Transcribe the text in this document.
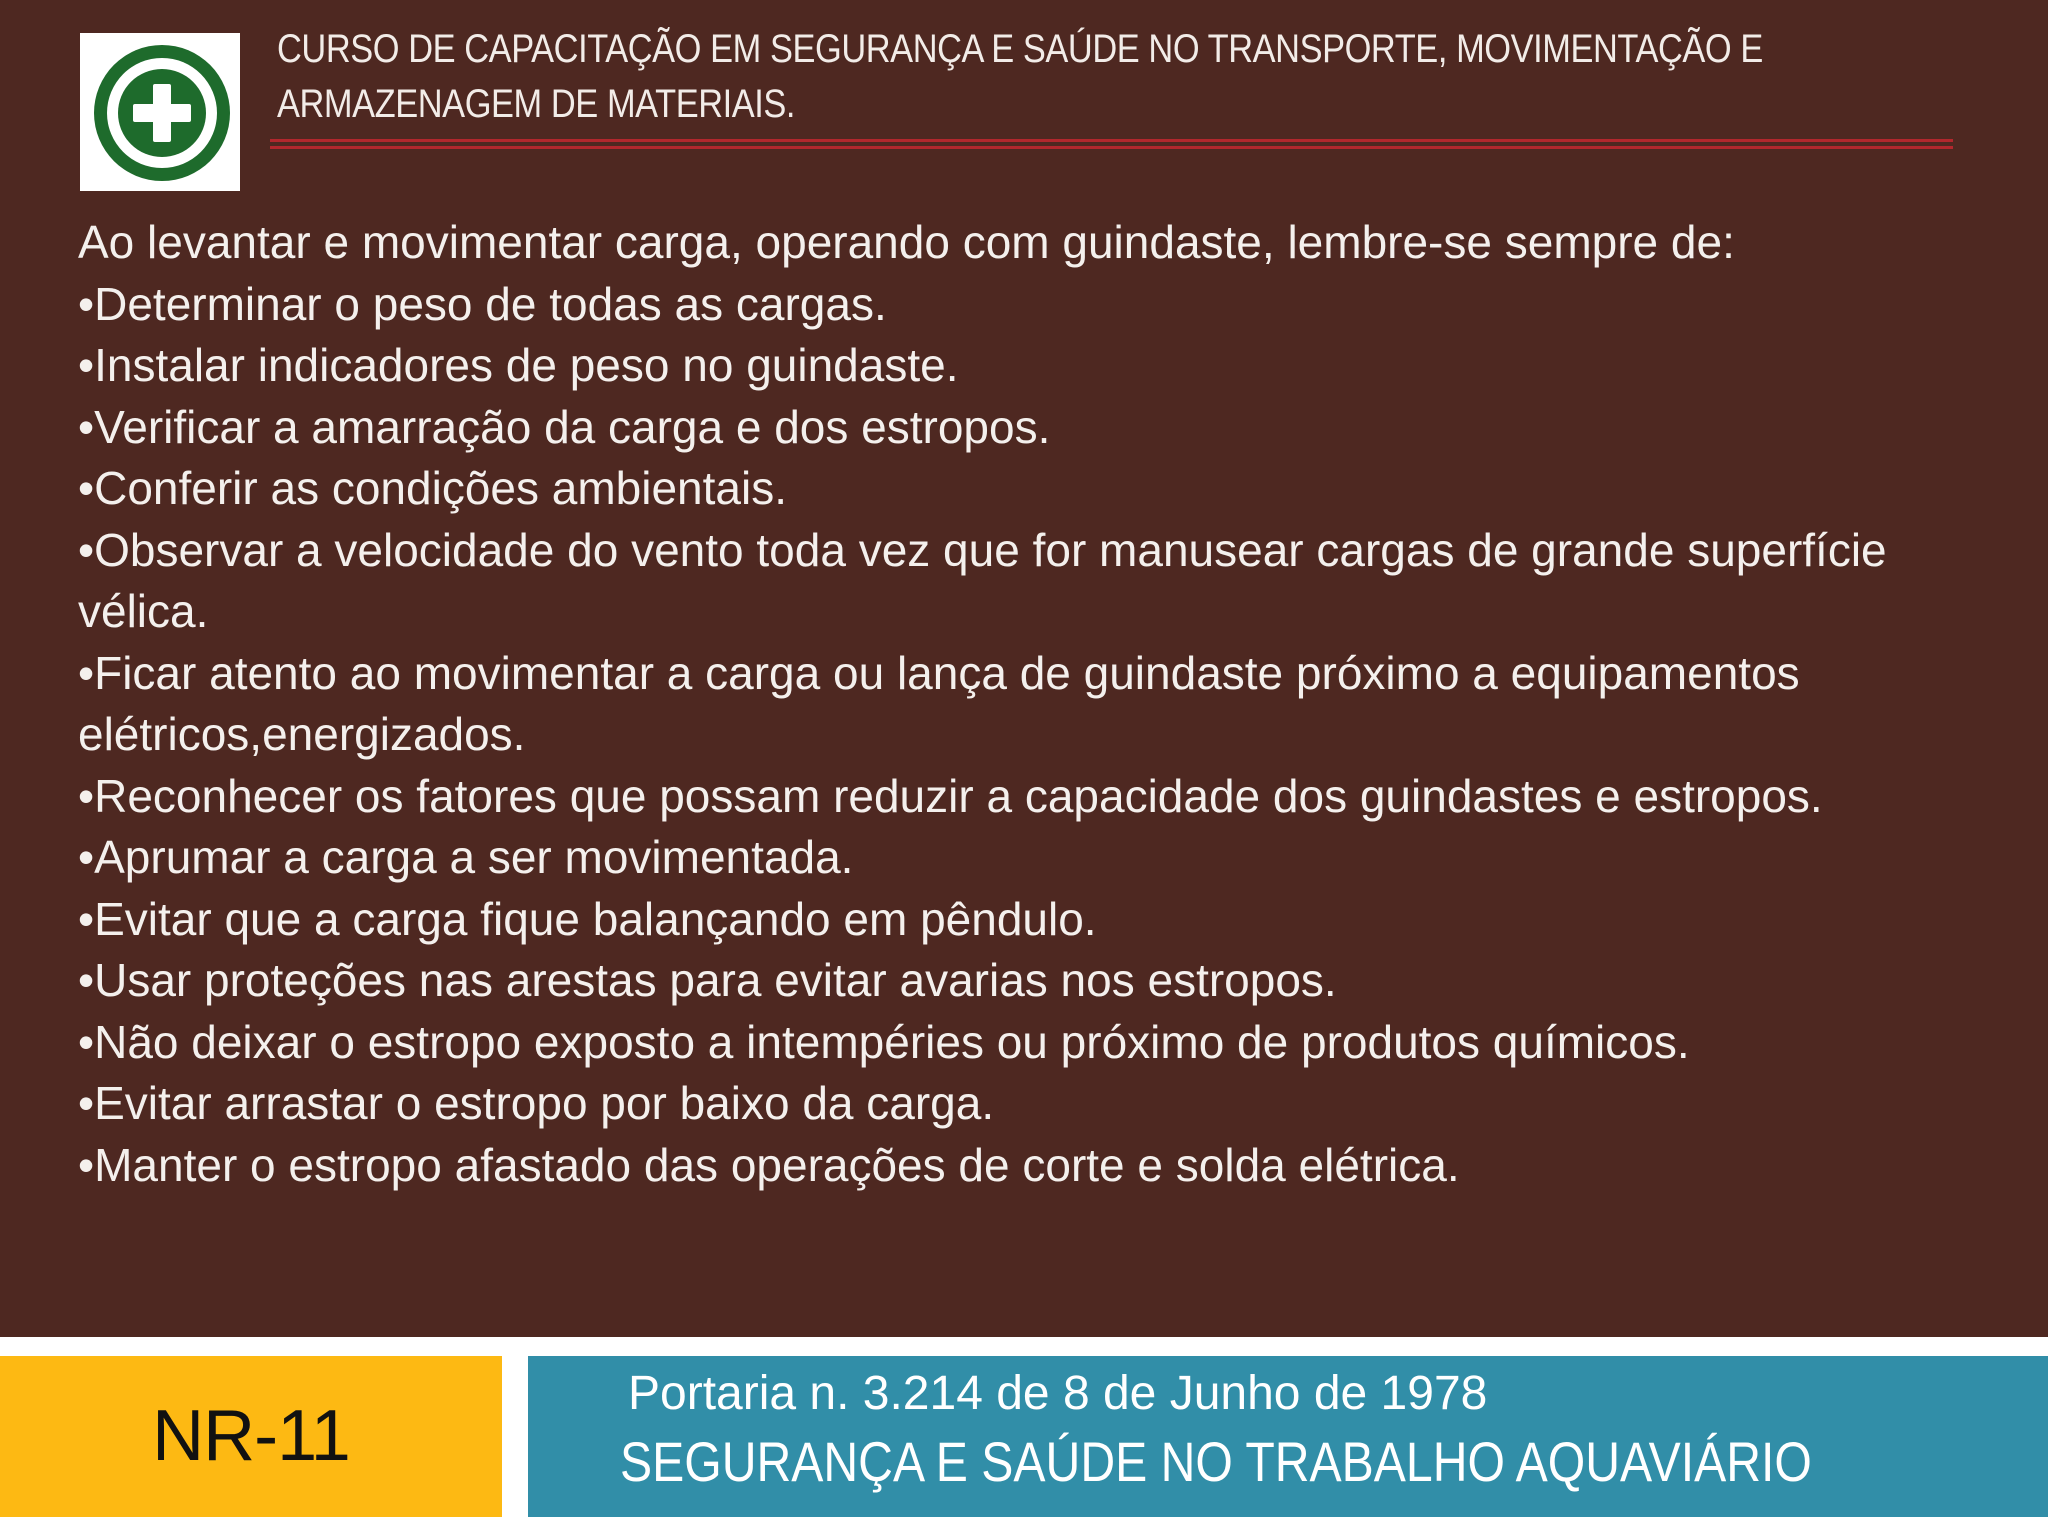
CURSO DE CAPACITAÇÃO EM SEGURANÇA E SAÚDE NO TRANSPORTE, MOVIMENTAÇÃO E
ARMAZENAGEM DE MATERIAIS.

Ao levantar e movimentar carga, operando com guindaste, lembre-se sempre de:

•Determinar o peso de todas as cargas.

•Instalar indicadores de peso no guindaste.

•Verificar a amarração da carga e dos estropos.

•Conferir as condições ambientais.

•Observar a velocidade do vento toda vez que for manusear cargas de grande superfície vélica.

•Ficar atento ao movimentar a carga ou lança de guindaste próximo a equipamentos elétricos,energizados.

•Reconhecer os fatores que possam reduzir a capacidade dos guindastes e estropos.

•Aprumar a carga a ser movimentada.

•Evitar que a carga fique balançando em pêndulo.

•Usar proteções nas arestas para evitar avarias nos estropos.

•Não deixar o estropo exposto a intempéries ou próximo de produtos químicos.

•Evitar arrastar o estropo por baixo da carga.

•Manter o estropo afastado das operações de corte e solda elétrica.

NR-11
Portaria n. 3.214 de 8 de Junho de 1978
SEGURANÇA E SAÚDE NO TRABALHO AQUAVIÁRIO
